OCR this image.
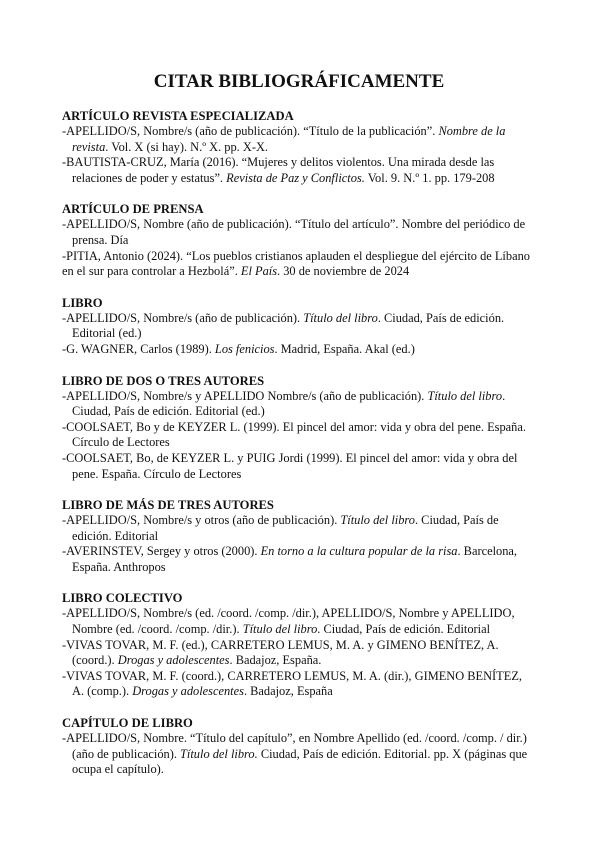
CITAR BIBLIOGRÁFICAMENTE
ARTÍCULO REVISTA ESPECIALIZADA

-APELLIDO/S, Nombre/s (año de publicación). “Título de la publicación”. Nombre de la revista. Vol. X (si hay). N.º X. pp. X-X.

-BAUTISTA-CRUZ, María (2016). “Mujeres y delitos violentos. Una mirada desde las relaciones de poder y estatus”. Revista de Paz y Conflictos. Vol. 9. N.º 1. pp. 179-208

ARTÍCULO DE PRENSA

-APELLIDO/S, Nombre (año de publicación). “Título del artículo”. Nombre del periódico de prensa. Día

-PITIA, Antonio (2024). “Los pueblos cristianos aplauden el despliegue del ejército de Líbano en el sur para controlar a Hezbolá”. El País. 30 de noviembre de 2024

LIBRO

-APELLIDO/S, Nombre/s (año de publicación). Título del libro. Ciudad, País de edición. Editorial (ed.)

-G. WAGNER, Carlos (1989). Los fenicios. Madrid, España. Akal (ed.)

LIBRO DE DOS O TRES AUTORES

-APELLIDO/S, Nombre/s y APELLIDO Nombre/s (año de publicación). Título del libro. Ciudad, País de edición. Editorial (ed.)

-COOLSAET, Bo y de KEYZER L. (1999). El pincel del amor: vida y obra del pene. España. Círculo de Lectores

-COOLSAET, Bo, de KEYZER L. y PUIG Jordi (1999). El pincel del amor: vida y obra del pene. España. Círculo de Lectores

LIBRO DE MÁS DE TRES AUTORES

-APELLIDO/S, Nombre/s y otros (año de publicación). Título del libro. Ciudad, País de edición. Editorial

-AVERINSTEV, Sergey y otros (2000). En torno a la cultura popular de la risa. Barcelona, España. Anthropos

LIBRO COLECTIVO

-APELLIDO/S, Nombre/s (ed. /coord. /comp. /dir.), APELLIDO/S, Nombre y APELLIDO, Nombre (ed. /coord. /comp. /dir.). Título del libro. Ciudad, País de edición. Editorial

-VIVAS TOVAR, M. F. (ed.), CARRETERO LEMUS, M. A. y GIMENO BENÍTEZ, A. (coord.). Drogas y adolescentes. Badajoz, España.

-VIVAS TOVAR, M. F. (coord.), CARRETERO LEMUS, M. A. (dir.), GIMENO BENÍTEZ, A. (comp.). Drogas y adolescentes. Badajoz, España

CAPÍTULO DE LIBRO

-APELLIDO/S, Nombre. “Título del capítulo”, en Nombre Apellido (ed. /coord. /comp. / dir.)(año de publicación). Título del libro. Ciudad, País de edición. Editorial. pp. X (páginas que ocupa el capítulo).
